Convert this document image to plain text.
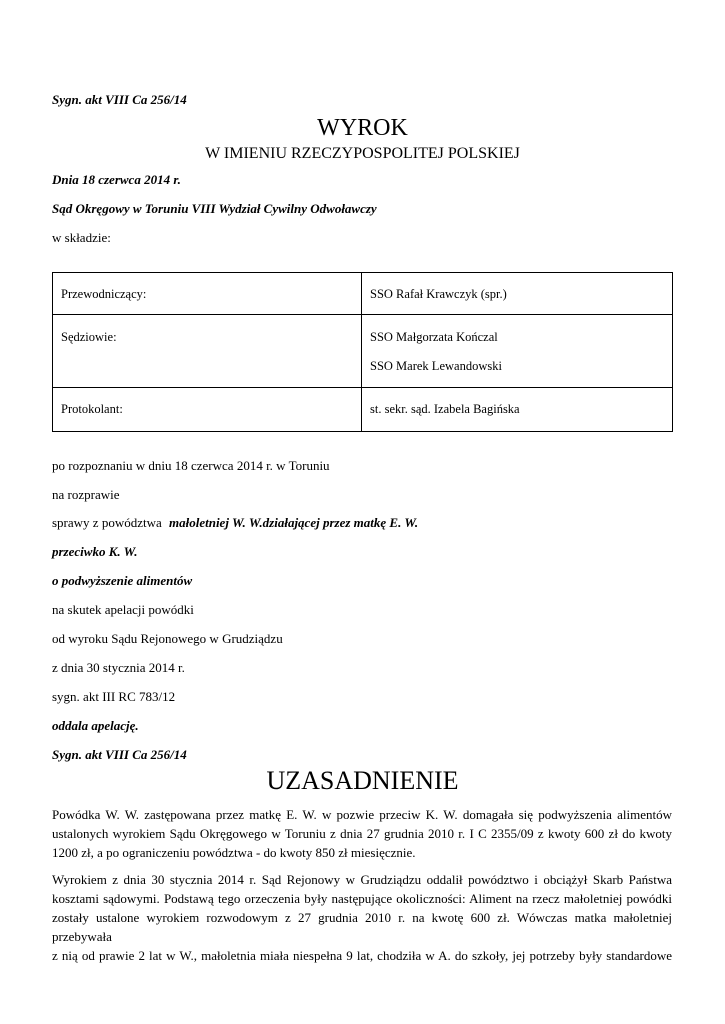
Sygn. akt VIII Ca 256/14
WYROK
W IMIENIU RZECZYPOSPOLITEJ POLSKIEJ
Dnia 18 czerwca 2014 r.
Sąd Okręgowy w Toruniu VIII Wydział Cywilny Odwoławczy
w składzie:
Przewodniczący:	SSO Rafał Krawczyk (spr.)
Sędziowie:	SSO Małgorzata Kończal
SSO Marek Lewandowski

Protokolant:	st. sekr. sąd. Izabela Bagińska
po rozpoznaniu w dniu 18 czerwca 2014 r. w Toruniu
na rozprawie
sprawy z powództwa małoletniej W. W.działającej przez matkę E. W.
przeciwko K. W.
o podwyższenie alimentów
na skutek apelacji powódki
od wyroku Sądu Rejonowego w Grudziądzu
z dnia 30 stycznia 2014 r.
sygn. akt III RC 783/12
oddala apelację.
Sygn. akt VIII Ca 256/14
UZASADNIENIE
Powódka W. W. zastępowana przez matkę E. W. w pozwie przeciw K. W. domagała się podwyższenia alimentów
ustalonych wyrokiem Sądu Okręgowego w Toruniu z dnia 27 grudnia 2010 r. I C 2355/09 z kwoty 600 zł do kwoty
1200 zł, a po ograniczeniu powództwa - do kwoty 850 zł miesięcznie.
Wyrokiem z dnia 30 stycznia 2014 r. Sąd Rejonowy w Grudziądzu oddalił powództwo i obciążył Skarb Państwa
kosztami sądowymi. Podstawą tego orzeczenia były następujące okoliczności: Aliment na rzecz małoletniej powódki
zostały ustalone wyrokiem rozwodowym z 27 grudnia 2010 r. na kwotę 600 zł. Wówczas matka małoletniej przebywała
z nią od prawie 2 lat w W., małoletnia miała niespełna 9 lat, chodziła w A. do szkoły, jej potrzeby były standardowe
